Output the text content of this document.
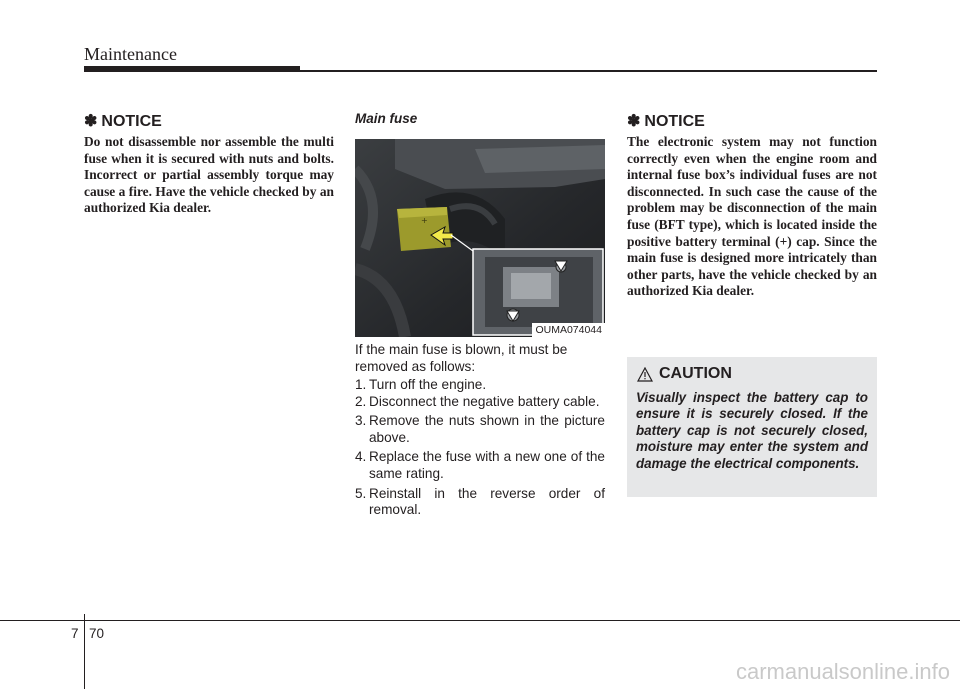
Maintenance
✽ NOTICE
Do not disassemble nor assemble the multi fuse when it is secured with nuts and bolts. Incorrect or partial assembly torque may cause a fire. Have the vehicle checked by an authorized Kia dealer.
Main fuse
+
OUMA074044
If the main fuse is blown, it must be removed as follows:
1. Turn off the engine.
2. Disconnect the negative battery cable.
3. Remove the nuts shown in the picture above.
4. Replace the fuse with a new one of the same rating.
5. Reinstall in the reverse order of removal.
✽ NOTICE
The electronic system may not function correctly even when the engine room and internal fuse box’s individual fuses are not disconnected. In such case the cause of the problem may be disconnection of the main fuse (BFT type), which is located inside the positive battery terminal (+) cap. Since the main fuse is designed more intricately than other parts, have the vehicle checked by an authorized Kia dealer.
CAUTION
Visually inspect the battery cap to ensure it is securely closed. If the battery cap is not securely closed, moisture may enter the system and damage the electrical components.
7 70
carmanualsonline.info
